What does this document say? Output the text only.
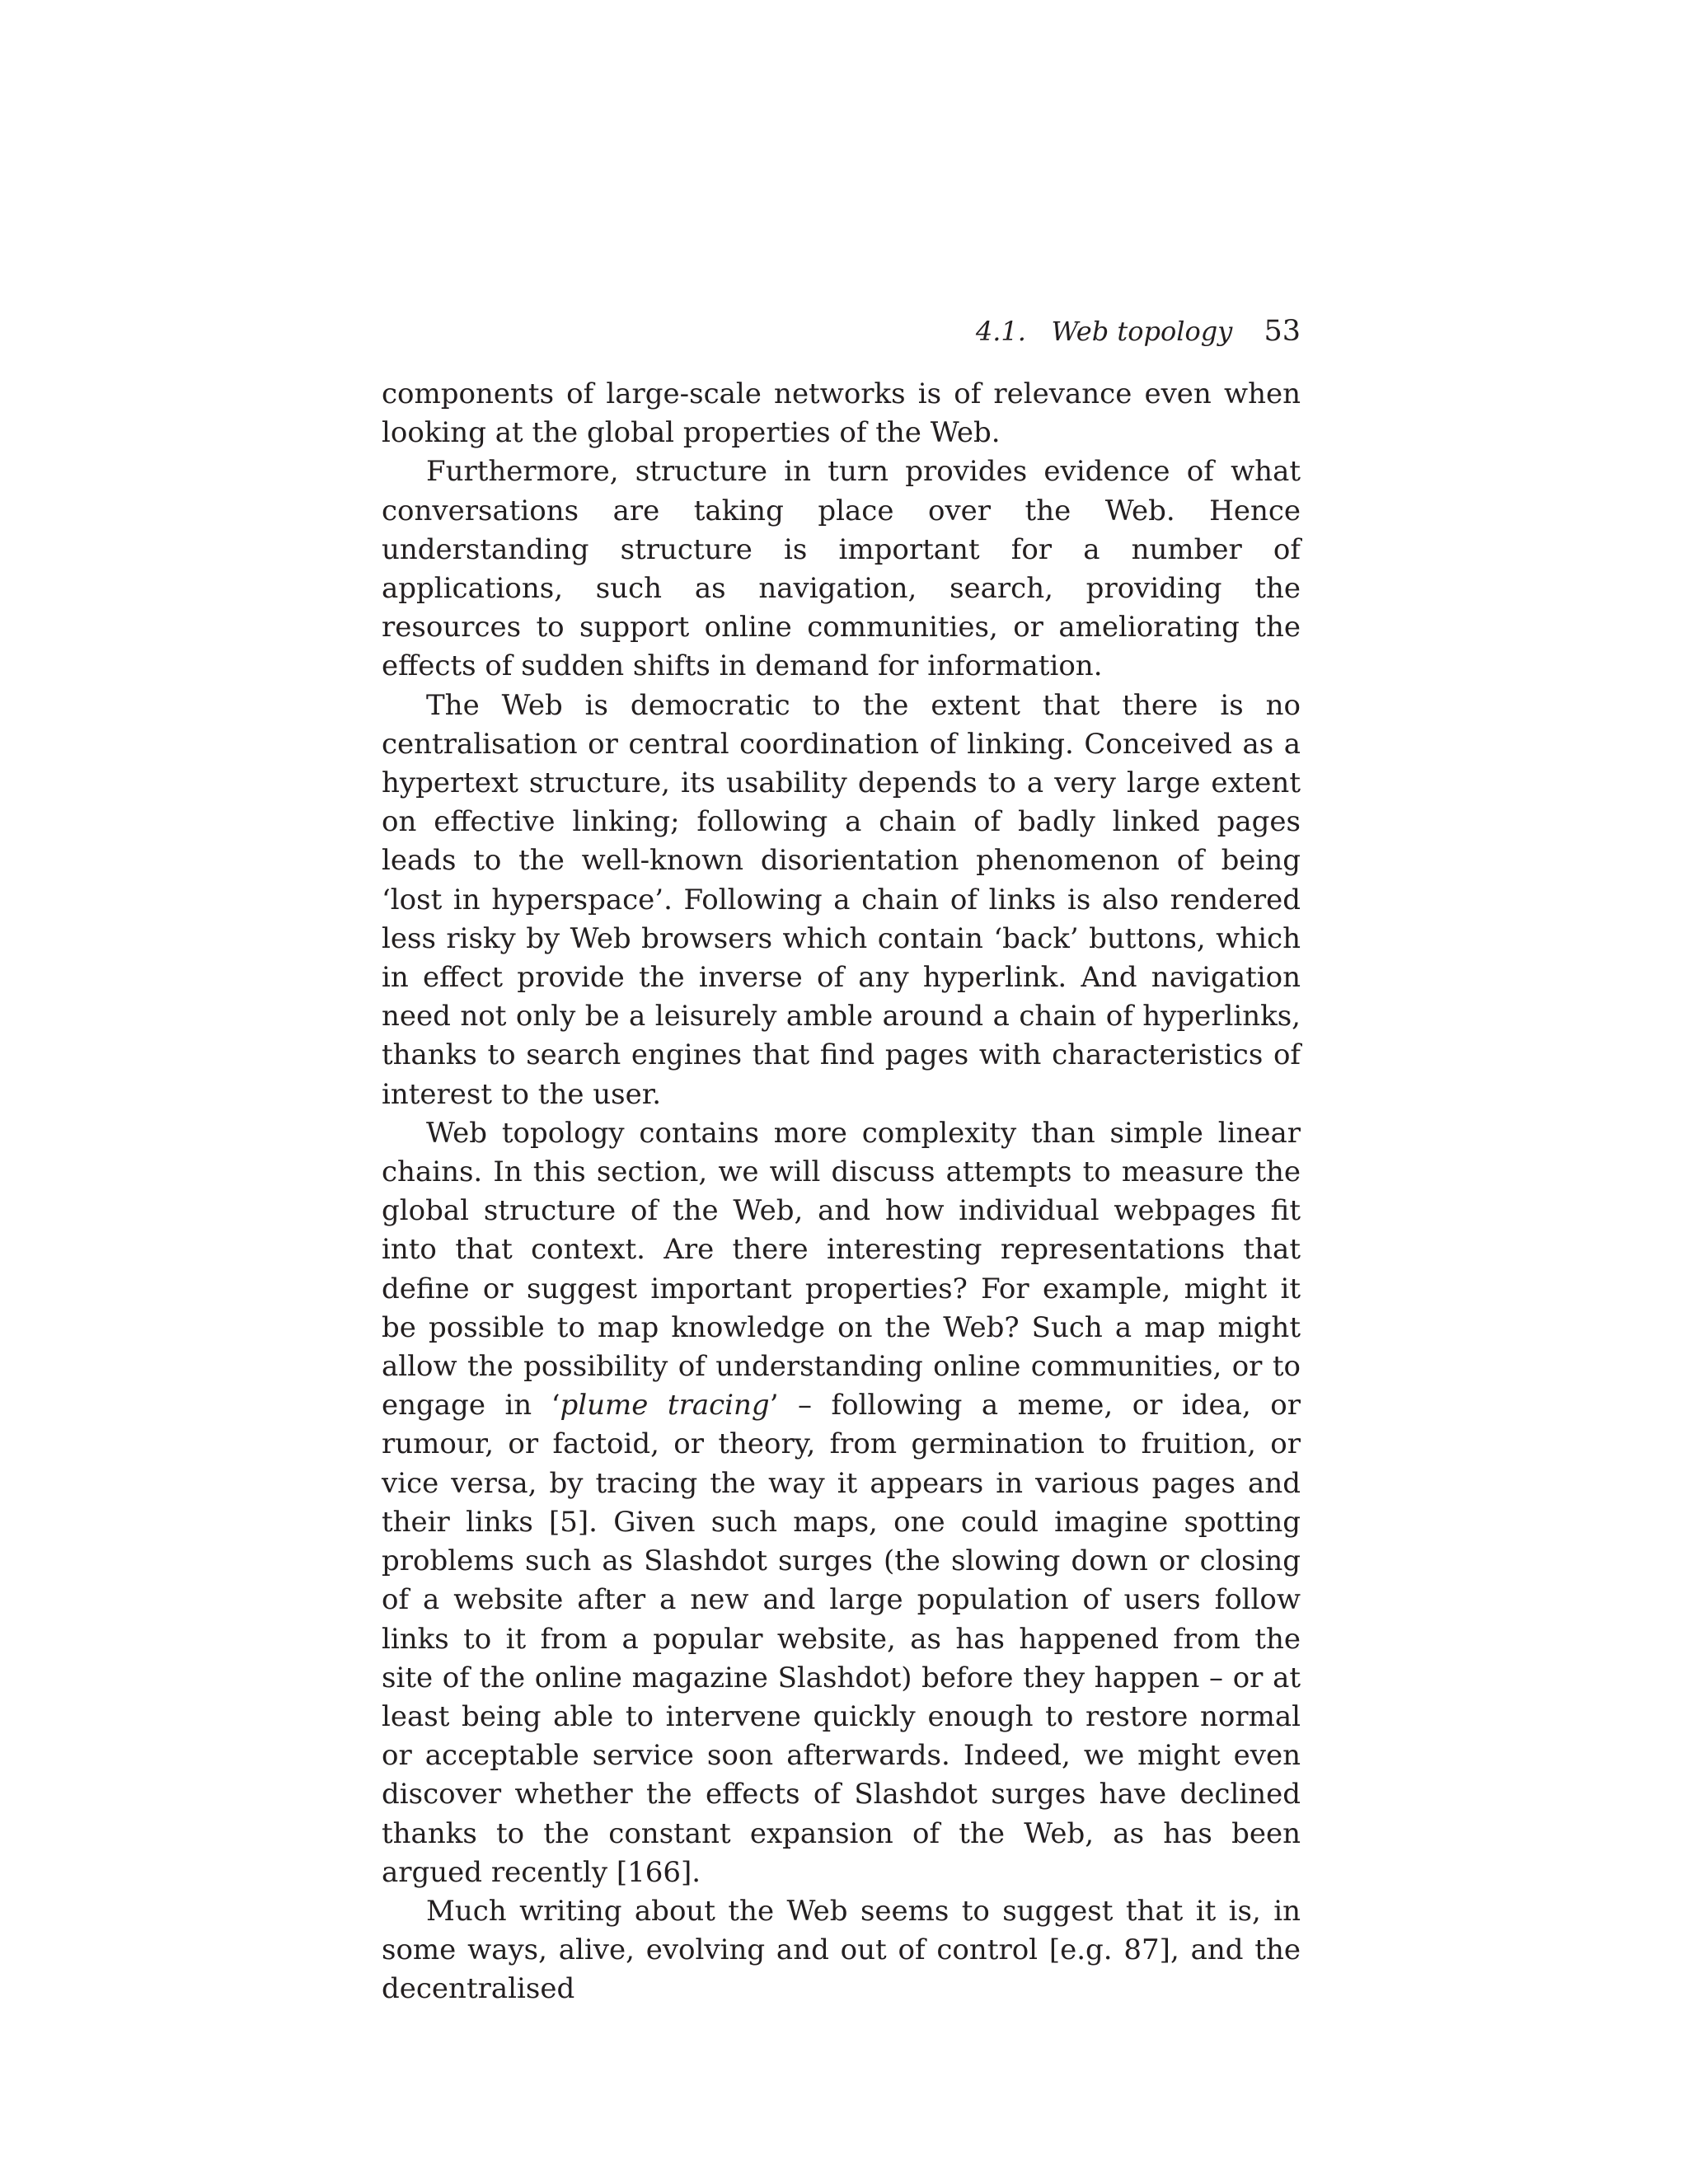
4.1. Web topology 53

components of large-scale networks is of relevance even when looking at the global properties of the Web.

Furthermore, structure in turn provides evidence of what conversations are taking place over the Web. Hence understanding structure is important for a number of applications, such as navigation, search, providing the resources to support online communities, or ameliorating the effects of sudden shifts in demand for information.

The Web is democratic to the extent that there is no centralisation or central coordination of linking. Conceived as a hypertext structure, its usability depends to a very large extent on effective linking; following a chain of badly linked pages leads to the well-known disorientation phenomenon of being ‘lost in hyperspace’. Following a chain of links is also rendered less risky by Web browsers which contain ‘back’ buttons, which in effect provide the inverse of any hyperlink. And navigation need not only be a leisurely amble around a chain of hyperlinks, thanks to search engines that find pages with characteristics of interest to the user.

Web topology contains more complexity than simple linear chains. In this section, we will discuss attempts to measure the global structure of the Web, and how individual webpages fit into that context. Are there interesting representations that define or suggest important properties? For example, might it be possible to map knowledge on the Web? Such a map might allow the possibility of understanding online communities, or to engage in ‘plume tracing’ – following a meme, or idea, or rumour, or factoid, or theory, from germination to fruition, or vice versa, by tracing the way it appears in various pages and their links [5]. Given such maps, one could imagine spotting problems such as Slashdot surges (the slowing down or closing of a website after a new and large population of users follow links to it from a popular website, as has happened from the site of the online magazine Slashdot) before they happen – or at least being able to intervene quickly enough to restore normal or acceptable service soon afterwards. Indeed, we might even discover whether the effects of Slashdot surges have declined thanks to the constant expansion of the Web, as has been argued recently [166].

Much writing about the Web seems to suggest that it is, in some ways, alive, evolving and out of control [e.g. 87], and the decentralised
